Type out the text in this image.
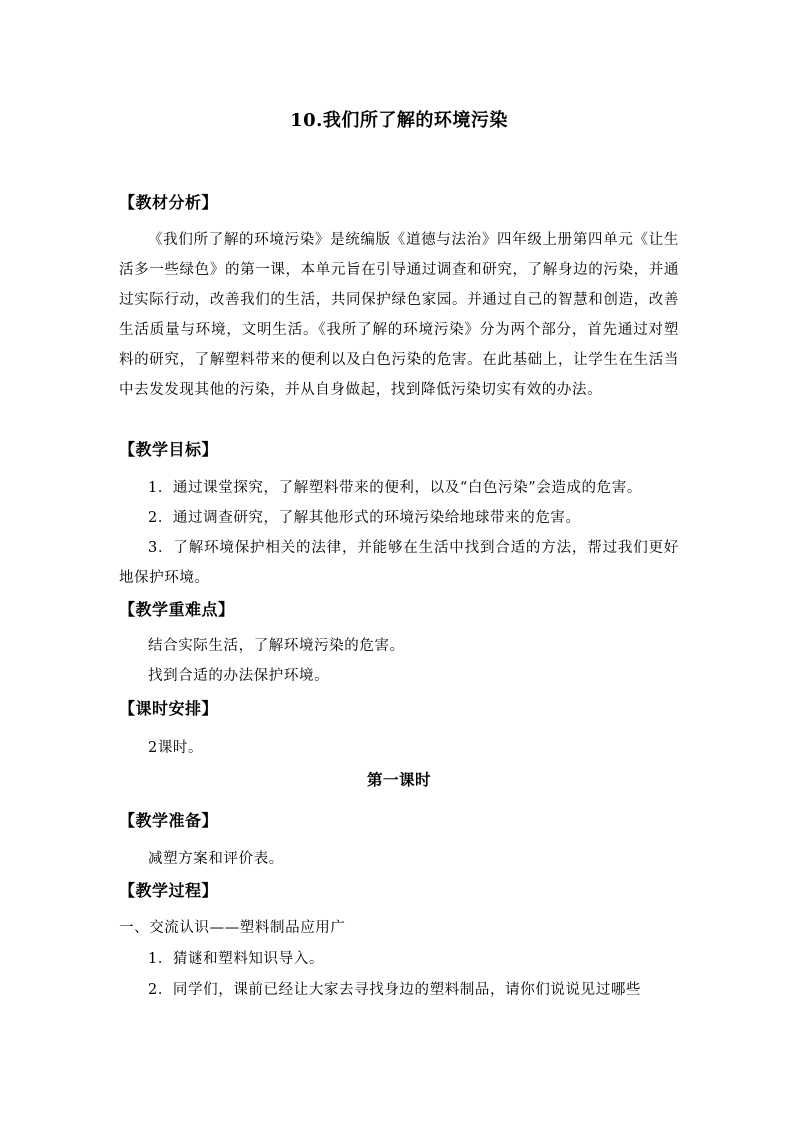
10.我们所了解的环境污染
【教材分析】
《我们所了解的环境污染》是统编版《道德与法治》四年级上册第四单元《让生活多一些绿色》的第一课，本单元旨在引导通过调查和研究，了解身边的污染，并通过实际行动，改善我们的生活，共同保护绿色家园。并通过自己的智慧和创造，改善生活质量与环境，文明生活。《我所了解的环境污染》分为两个部分，首先通过对塑料的研究，了解塑料带来的便利以及白色污染的危害。在此基础上，让学生在生活当中去发发现其他的污染，并从自身做起，找到降低污染切实有效的办法。
【教学目标】
1．通过课堂探究，了解塑料带来的便利，以及“白色污染”会造成的危害。
2．通过调查研究，了解其他形式的环境污染给地球带来的危害。
3．了解环境保护相关的法律，并能够在生活中找到合适的方法，帮过我们更好地保护环境。
【教学重难点】
结合实际生活，了解环境污染的危害。
找到合适的办法保护环境。
【课时安排】
2课时。
第一课时
【教学准备】
减塑方案和评价表。
【教学过程】
一、交流认识——塑料制品应用广
1．猜谜和塑料知识导入。
2．同学们，课前已经让大家去寻找身边的塑料制品，请你们说说见过哪些
